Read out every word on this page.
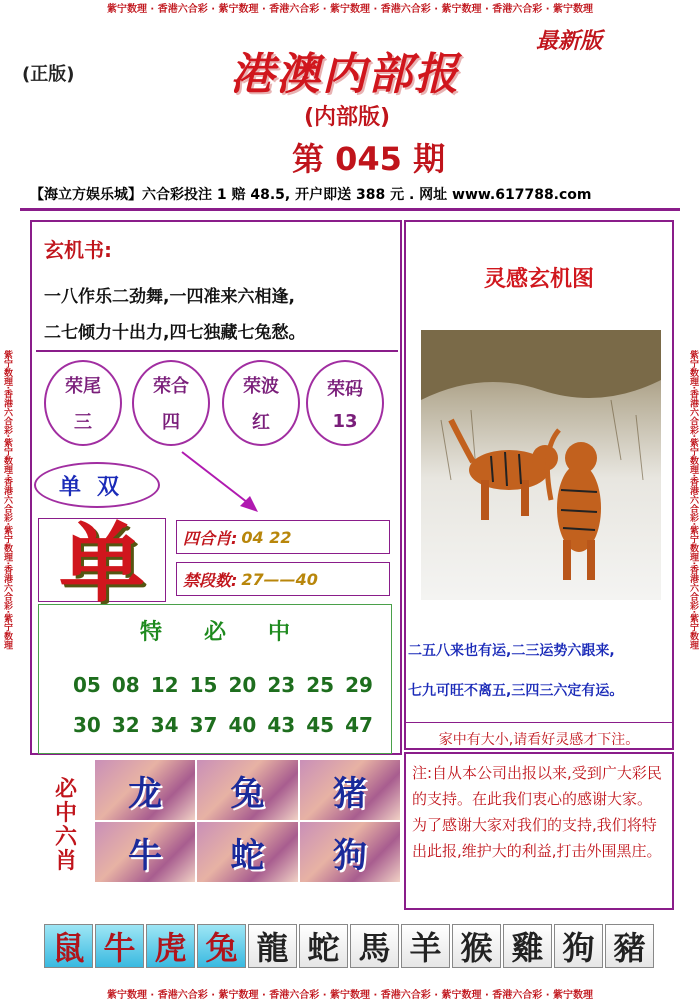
紫宁数理 · 香港六合彩 · 紫宁数理 · 香港六合彩 · 紫宁数理 · 香港六合彩 · 紫宁数理 · 香港六合彩 · 紫宁数理
紫宁数理 · 香港六合彩 · 紫宁数理 · 香港六合彩 · 紫宁数理 · 香港六合彩 · 紫宁数理 · 香港六合彩 · 紫宁数理
紫宁数理·香港六合彩·紫宁数理·香港六合彩·紫宁数理·香港六合彩·紫宁数理	紫宁数理·香港六合彩·紫宁数理·香港六合彩·紫宁数理·香港六合彩·紫宁数理
(正版)
最新版
港澳内部报
(内部版)
第 045 期
【海立方娱乐城】六合彩投注 1 赔 48.5, 开户即送 388 元 . 网址 www.617788.com
玄机书:
一八作乐二劲舞,一四准来六相逢,
二七倾力十出力,四七独藏七兔愁。
荣尾
三
荣合
四
荣波
红
荣码
13
单双
单	四合肖: 04 22
禁段数: 27——40
特必中
05 08 12 15 20 23 25 29
30 32 34 37 40 43 45 47
必
中
六
肖
龙	兔	猪
牛	蛇	狗
灵感玄机图
二五八来也有运,二三运势六跟来,
七九可旺不离五,三四三六定有运。
家中有大小,请看好灵感才下注。
注:自从本公司出报以来,受到广大彩民的支持。在此我们衷心的感谢大家。为了感谢大家对我们的支持,我们将特出此报,维护大的利益,打击外围黑庄。
鼠 牛 虎 兔 龍 蛇 馬 羊 猴 雞 狗 豬
